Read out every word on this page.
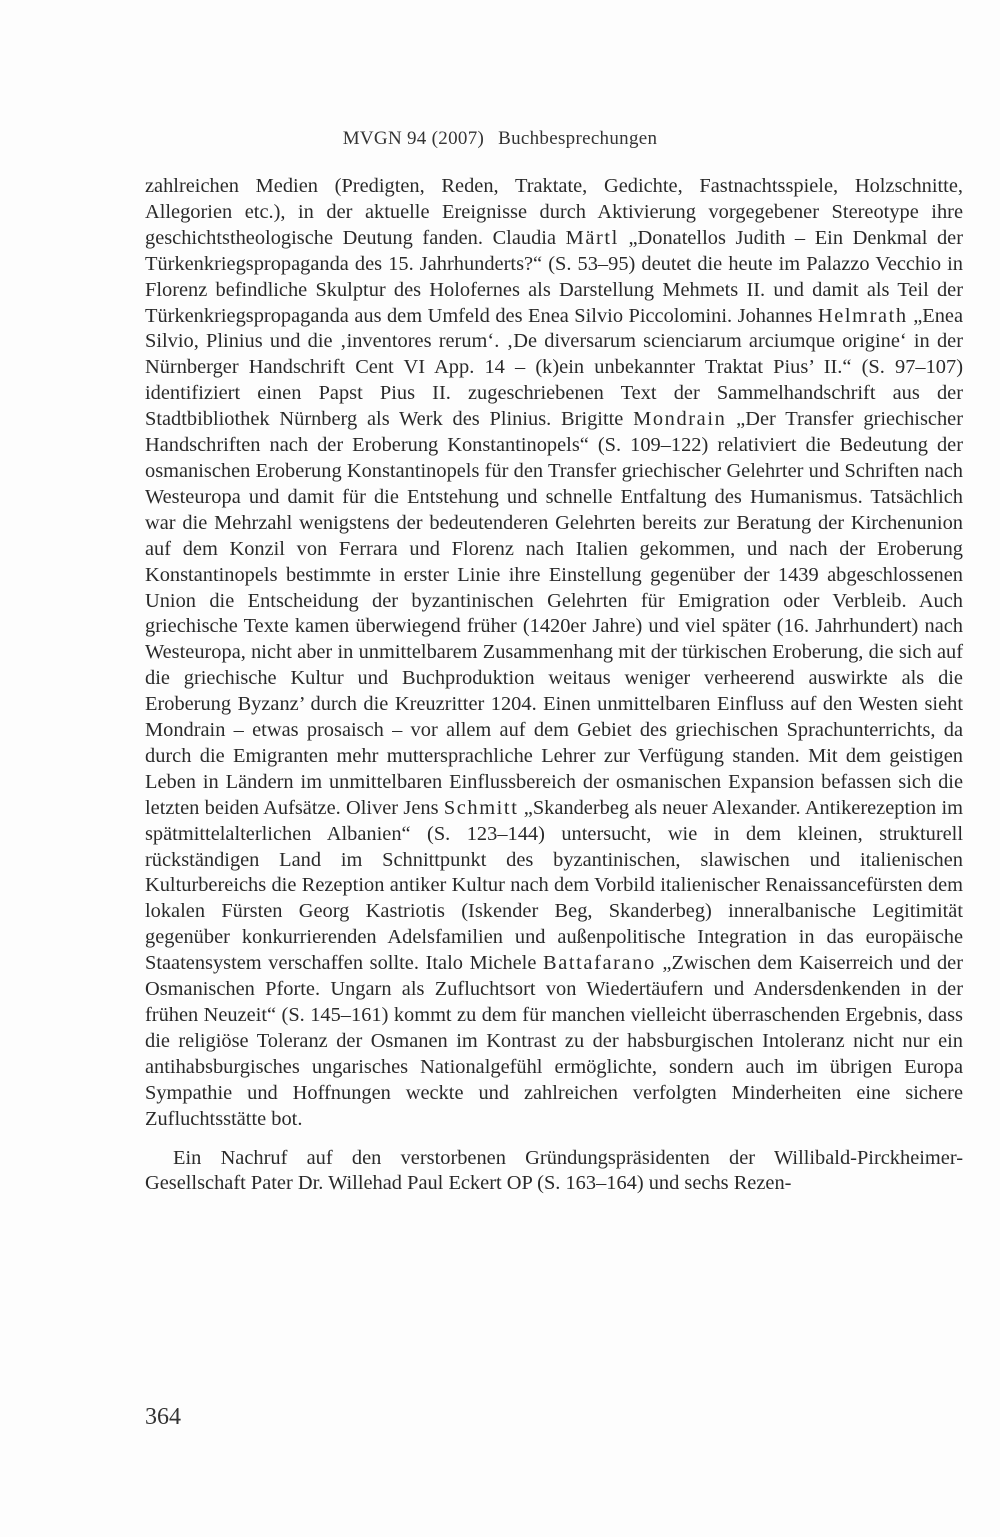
MVGN 94 (2007) Buchbesprechungen

zahlreichen Medien (Predigten, Reden, Traktate, Gedichte, Fastnachtsspiele, Holzschnitte, Allegorien etc.), in der aktuelle Ereignisse durch Aktivierung vorgegebener Stereotype ihre geschichtstheologische Deutung fanden. Claudia Märtl „Donatellos Judith – Ein Denkmal der Türkenkriegspropaganda des 15. Jahrhunderts?“ (S. 53–95) deutet die heute im Palazzo Vecchio in Florenz befindliche Skulptur des Holofernes als Darstellung Mehmets II. und damit als Teil der Türkenkriegspropaganda aus dem Umfeld des Enea Silvio Piccolomini. Johannes Helmrath „Enea Silvio, Plinius und die ‚inventores rerum‘. ‚De diversarum scienciarum arciumque origine‘ in der Nürnberger Handschrift Cent VI App. 14 – (k)ein unbekannter Traktat Pius’ II.“ (S. 97–107) identifiziert einen Papst Pius II. zugeschriebenen Text der Sammelhandschrift aus der Stadtbibliothek Nürnberg als Werk des Plinius. Brigitte Mondrain „Der Transfer griechischer Handschriften nach der Eroberung Konstantinopels“ (S. 109–122) relativiert die Bedeutung der osmanischen Eroberung Konstantinopels für den Transfer griechischer Gelehrter und Schriften nach Westeuropa und damit für die Entstehung und schnelle Entfaltung des Humanismus. Tatsächlich war die Mehrzahl wenigstens der bedeutenderen Gelehrten bereits zur Beratung der Kirchenunion auf dem Konzil von Ferrara und Florenz nach Italien gekommen, und nach der Eroberung Konstantinopels bestimmte in erster Linie ihre Einstellung gegenüber der 1439 abgeschlossenen Union die Entscheidung der byzantinischen Gelehrten für Emigration oder Verbleib. Auch griechische Texte kamen überwiegend früher (1420er Jahre) und viel später (16. Jahrhundert) nach Westeuropa, nicht aber in unmittelbarem Zusammenhang mit der türkischen Eroberung, die sich auf die griechische Kultur und Buchproduktion weitaus weniger verheerend auswirkte als die Eroberung Byzanz’ durch die Kreuzritter 1204. Einen unmittelbaren Einfluss auf den Westen sieht Mondrain – etwas prosaisch – vor allem auf dem Gebiet des griechischen Sprachunterrichts, da durch die Emigranten mehr muttersprachliche Lehrer zur Verfügung standen. Mit dem geistigen Leben in Ländern im unmittelbaren Einflussbereich der osmanischen Expansion befassen sich die letzten beiden Aufsätze. Oliver Jens Schmitt „Skanderbeg als neuer Alexander. Antikerezeption im spätmittelalterlichen Albanien“ (S. 123–144) untersucht, wie in dem kleinen, strukturell rückständigen Land im Schnittpunkt des byzantinischen, slawischen und italienischen Kulturbereichs die Rezeption antiker Kultur nach dem Vorbild italienischer Renaissancefürsten dem lokalen Fürsten Georg Kastriotis (Iskender Beg, Skanderbeg) inneralbanische Legitimität gegenüber konkurrierenden Adelsfamilien und außenpolitische Integration in das europäische Staatensystem verschaffen sollte. Italo Michele Battafarano „Zwischen dem Kaiserreich und der Osmanischen Pforte. Ungarn als Zufluchtsort von Wiedertäufern und Andersdenkenden in der frühen Neuzeit“ (S. 145–161) kommt zu dem für manchen vielleicht überraschenden Ergebnis, dass die religiöse Toleranz der Osmanen im Kontrast zu der habsburgischen Intoleranz nicht nur ein antihabsburgisches ungarisches Nationalgefühl ermöglichte, sondern auch im übrigen Europa Sympathie und Hoffnungen weckte und zahlreichen verfolgten Minderheiten eine sichere Zufluchtsstätte bot.

Ein Nachruf auf den verstorbenen Gründungspräsidenten der Willibald-Pirckheimer-Gesellschaft Pater Dr. Willehad Paul Eckert OP (S. 163–164) und sechs Rezen-

364
